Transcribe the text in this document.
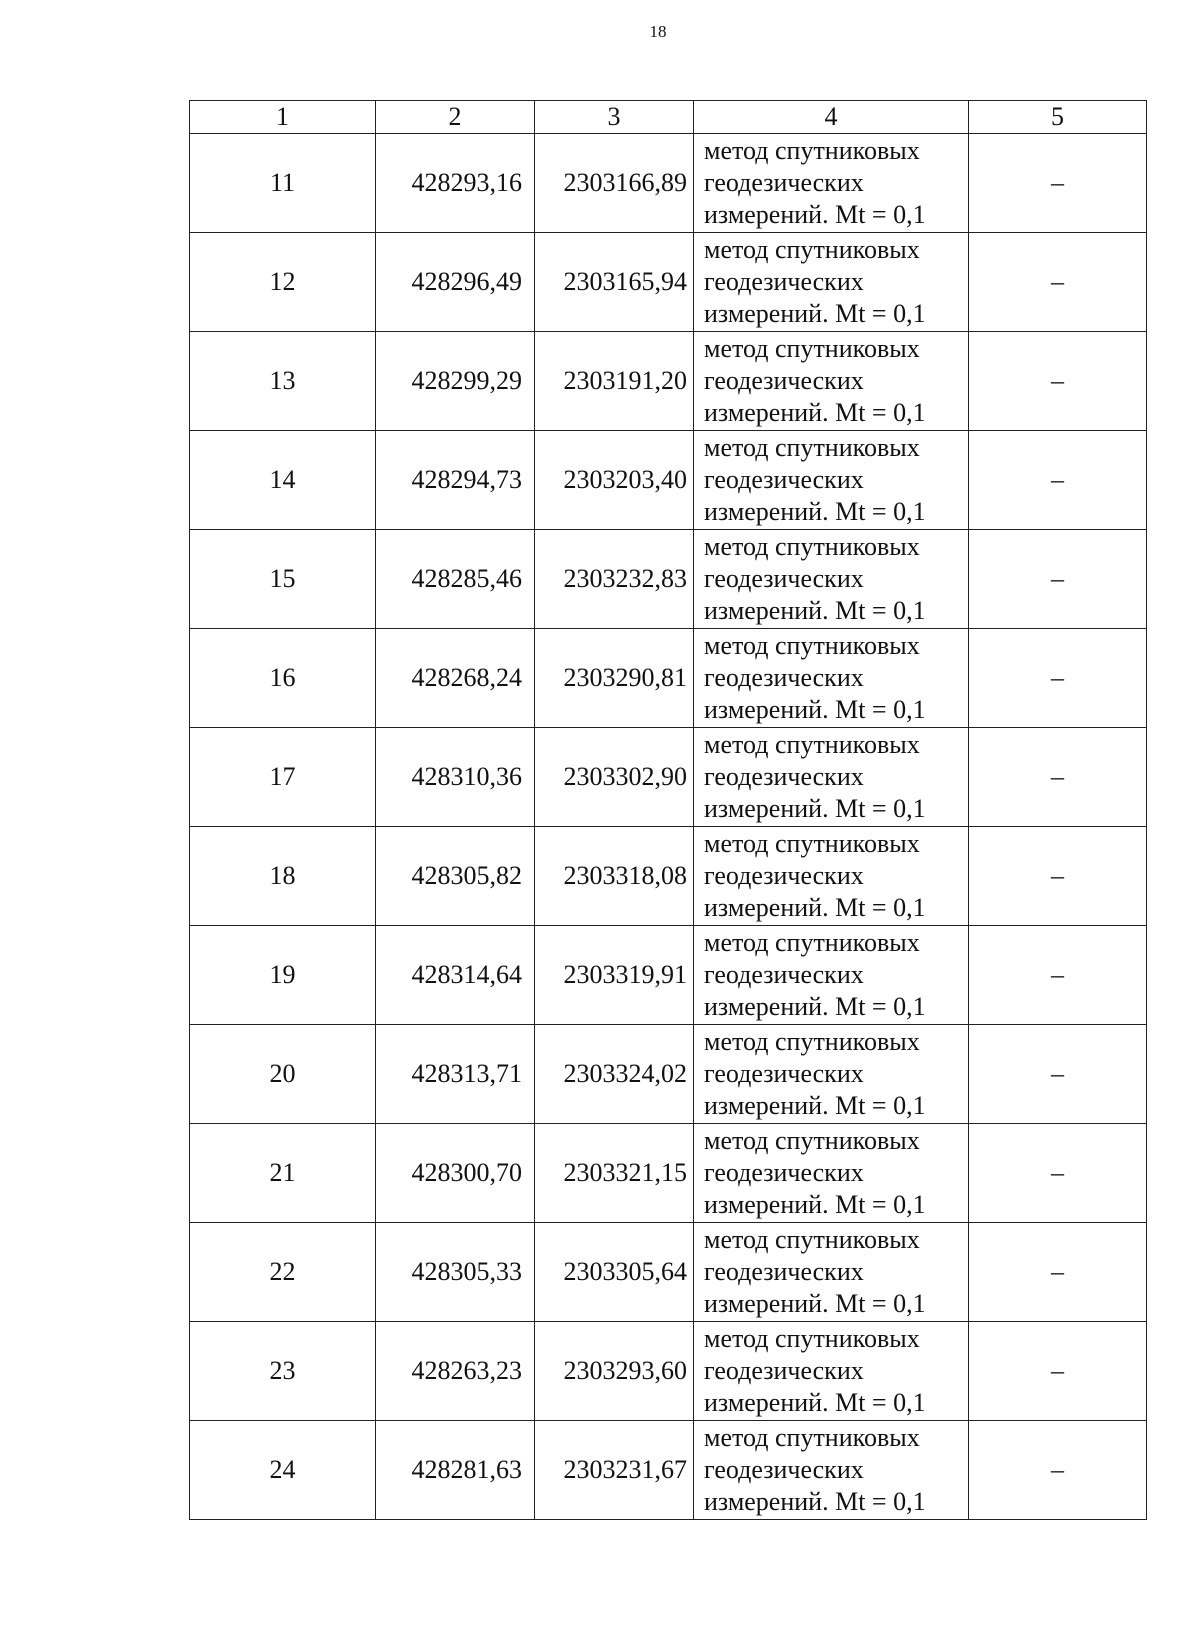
18
1	2	3	4	5
11	428293,16	2303166,89	метод спутниковых
геодезических
измерений. Mt = 0,1	–
12	428296,49	2303165,94	метод спутниковых
геодезических
измерений. Mt = 0,1	–
13	428299,29	2303191,20	метод спутниковых
геодезических
измерений. Mt = 0,1	–
14	428294,73	2303203,40	метод спутниковых
геодезических
измерений. Mt = 0,1	–
15	428285,46	2303232,83	метод спутниковых
геодезических
измерений. Mt = 0,1	–
16	428268,24	2303290,81	метод спутниковых
геодезических
измерений. Mt = 0,1	–
17	428310,36	2303302,90	метод спутниковых
геодезических
измерений. Mt = 0,1	–
18	428305,82	2303318,08	метод спутниковых
геодезических
измерений. Mt = 0,1	–
19	428314,64	2303319,91	метод спутниковых
геодезических
измерений. Mt = 0,1	–
20	428313,71	2303324,02	метод спутниковых
геодезических
измерений. Mt = 0,1	–
21	428300,70	2303321,15	метод спутниковых
геодезических
измерений. Mt = 0,1	–
22	428305,33	2303305,64	метод спутниковых
геодезических
измерений. Mt = 0,1	–
23	428263,23	2303293,60	метод спутниковых
геодезических
измерений. Mt = 0,1	–
24	428281,63	2303231,67	метод спутниковых
геодезических
измерений. Mt = 0,1	–
